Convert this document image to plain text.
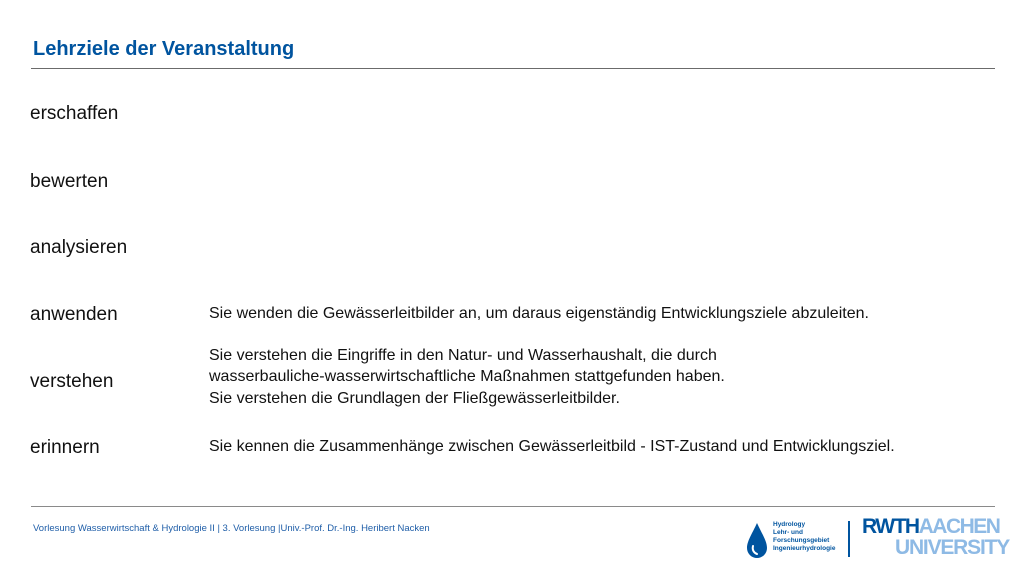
Lehrziele der Veranstaltung
erschaffen
bewerten
analysieren
anwenden
verstehen
erinnern
Sie wenden die Gewässerleitbilder an, um daraus eigenständig Entwicklungsziele abzuleiten.
Sie verstehen die Eingriffe in den Natur- und Wasserhaushalt, die durch
wasserbauliche-wasserwirtschaftliche Maßnahmen stattgefunden haben.
Sie verstehen die Grundlagen der Fließgewässerleitbilder.
Sie kennen die Zusammenhänge zwischen Gewässerleitbild - IST-Zustand und Entwicklungsziel.
Vorlesung Wasserwirtschaft & Hydrologie II | 3. Vorlesung |Univ.-Prof. Dr.-Ing. Heribert Nacken	Hydrology
Lehr- und
Forschungsgebiet
Ingenieurhydrologie
RWTHAACHEN
UNIVERSITY
